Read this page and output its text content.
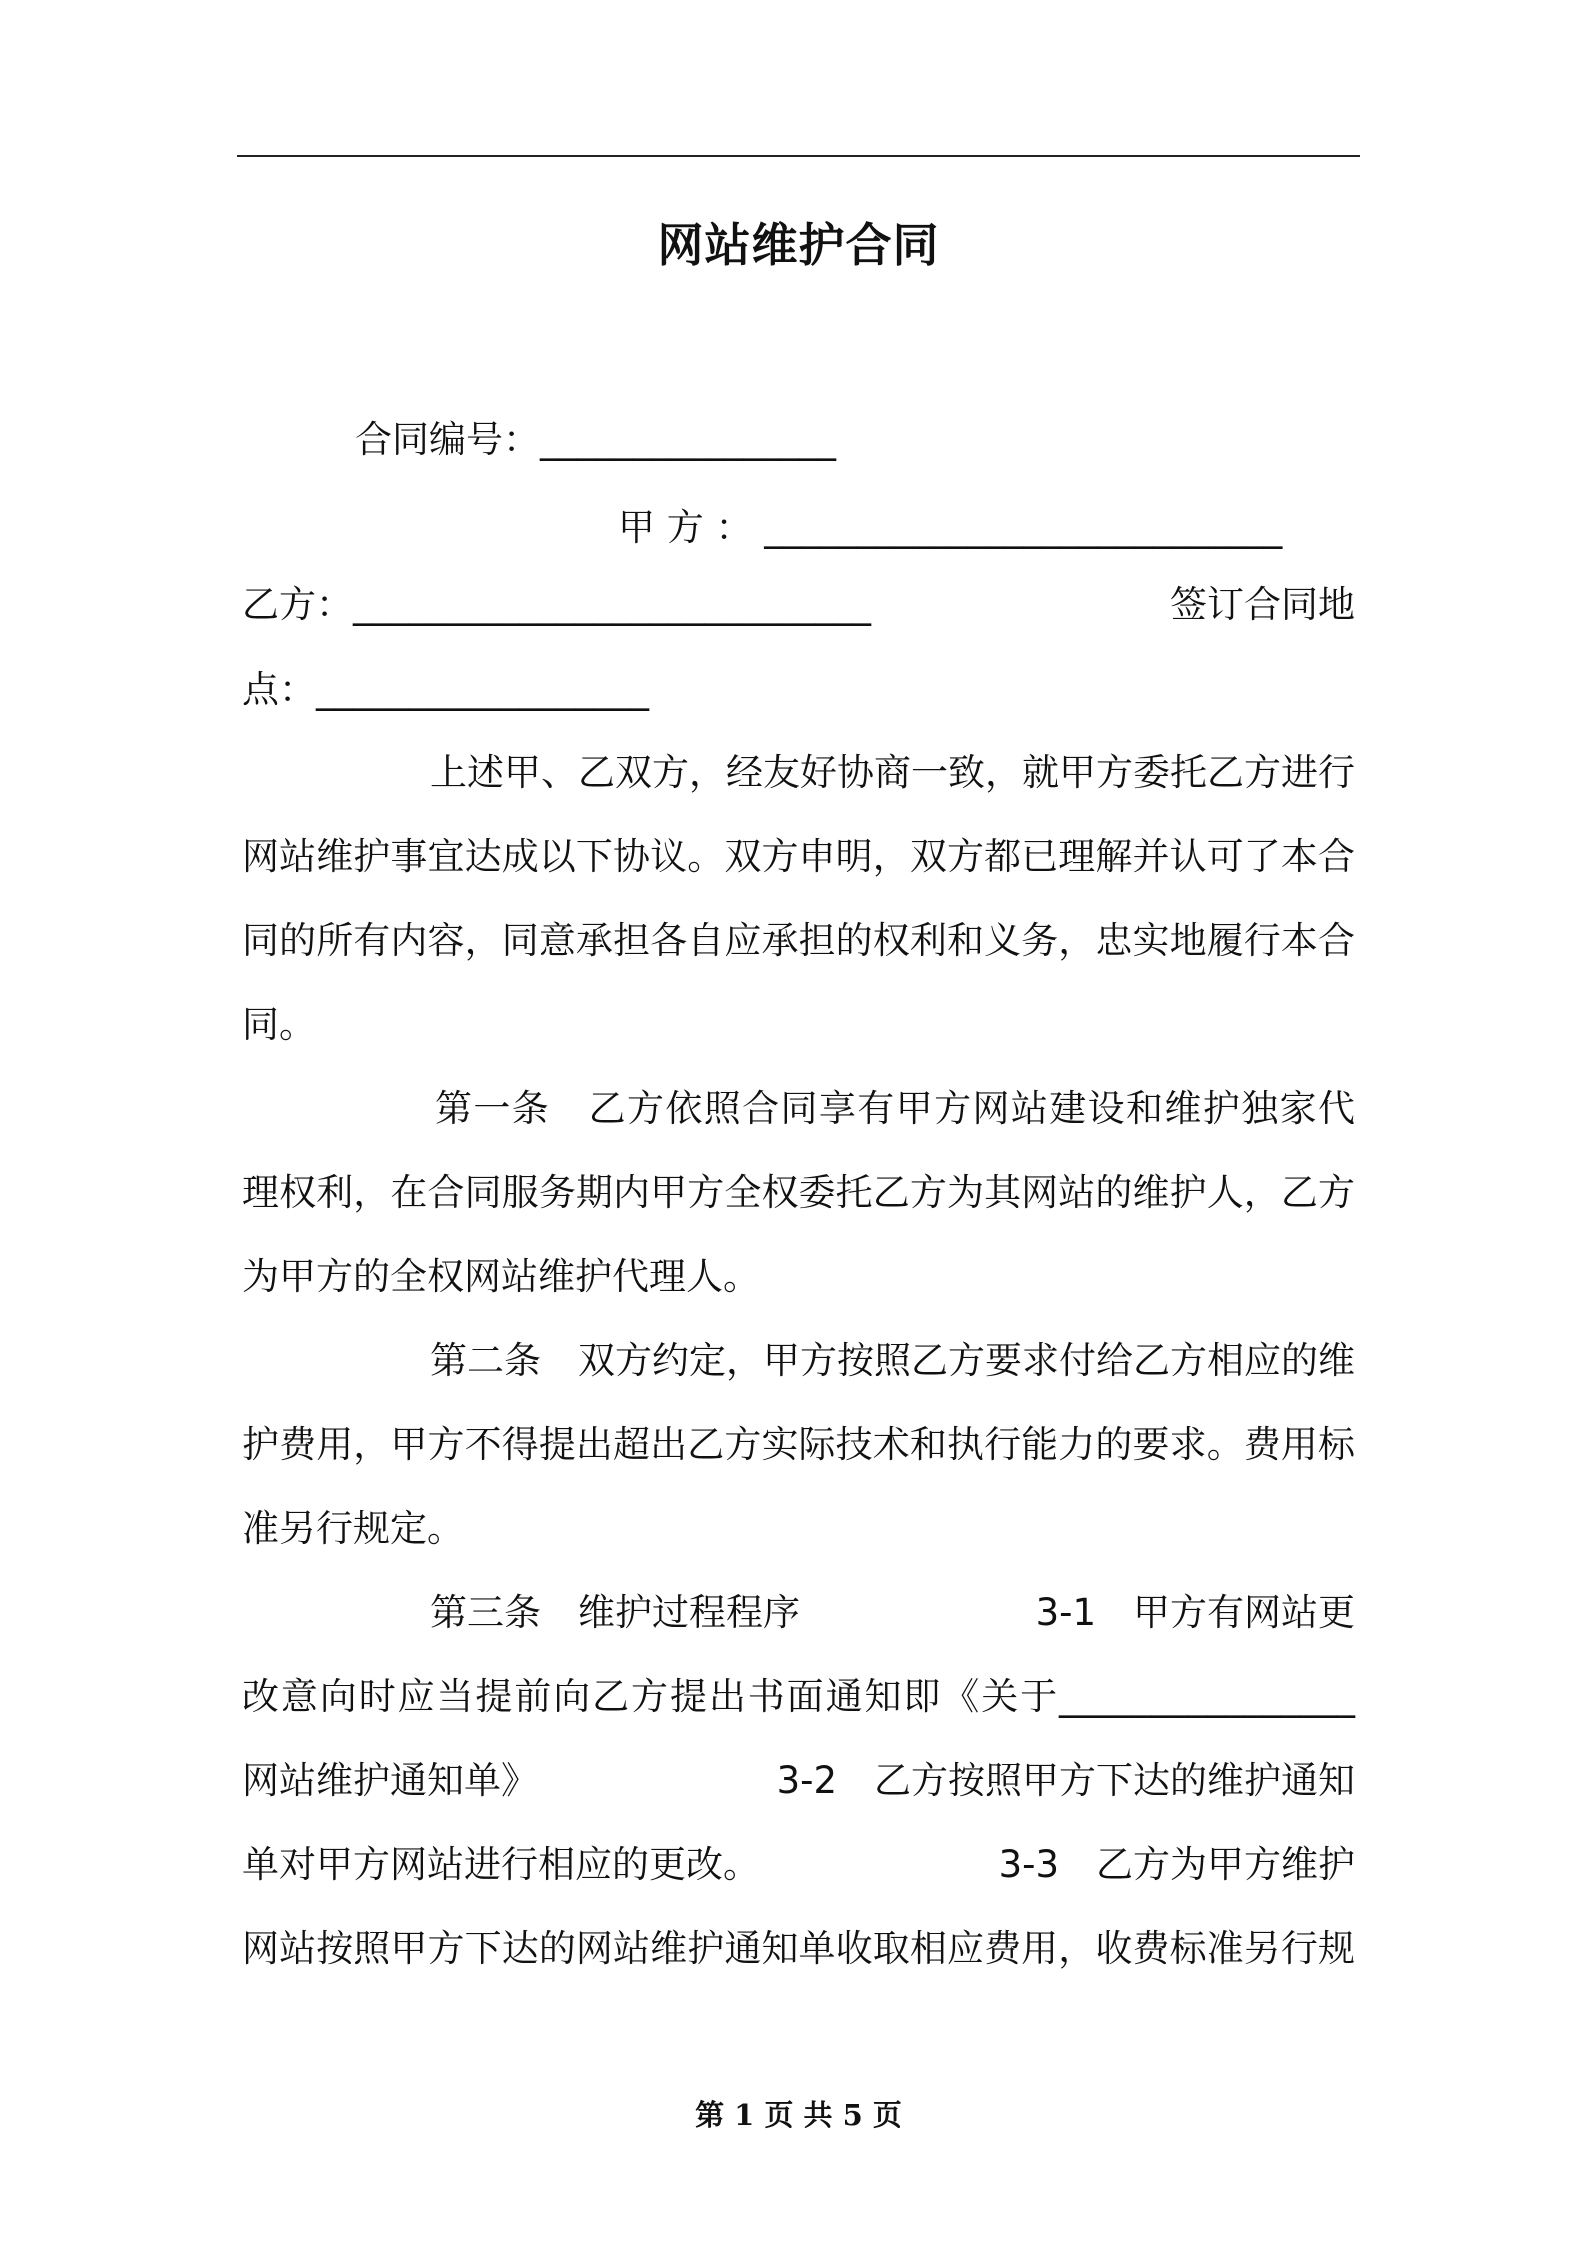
网站维护合同
合同编号：________________
甲 方 ： ____________________________
乙方：____________________________	签订合同地
点：__________________
上述甲、乙双方，经友好协商一致，就甲方委托乙方进行
网站维护事宜达成以下协议。双方申明，双方都已理解并认可了本合
同的所有内容，同意承担各自应承担的权利和义务，忠实地履行本合
同。
第一条　乙方依照合同享有甲方网站建设和维护独家代
理权利，在合同服务期内甲方全权委托乙方为其网站的维护人，乙方
为甲方的全权网站维护代理人。
第二条　双方约定，甲方按照乙方要求付给乙方相应的维
护费用，甲方不得提出超出乙方实际技术和执行能力的要求。费用标
准另行规定。
第三条　维护过程程序	3-1　甲方有网站更
改意向时应当提前向乙方提出书面通知即《关于________________
网站维护通知单》	3-2　乙方按照甲方下达的维护通知
单对甲方网站进行相应的更改。	3-3　乙方为甲方维护
网站按照甲方下达的网站维护通知单收取相应费用，收费标准另行规
第 1 页 共 5 页
